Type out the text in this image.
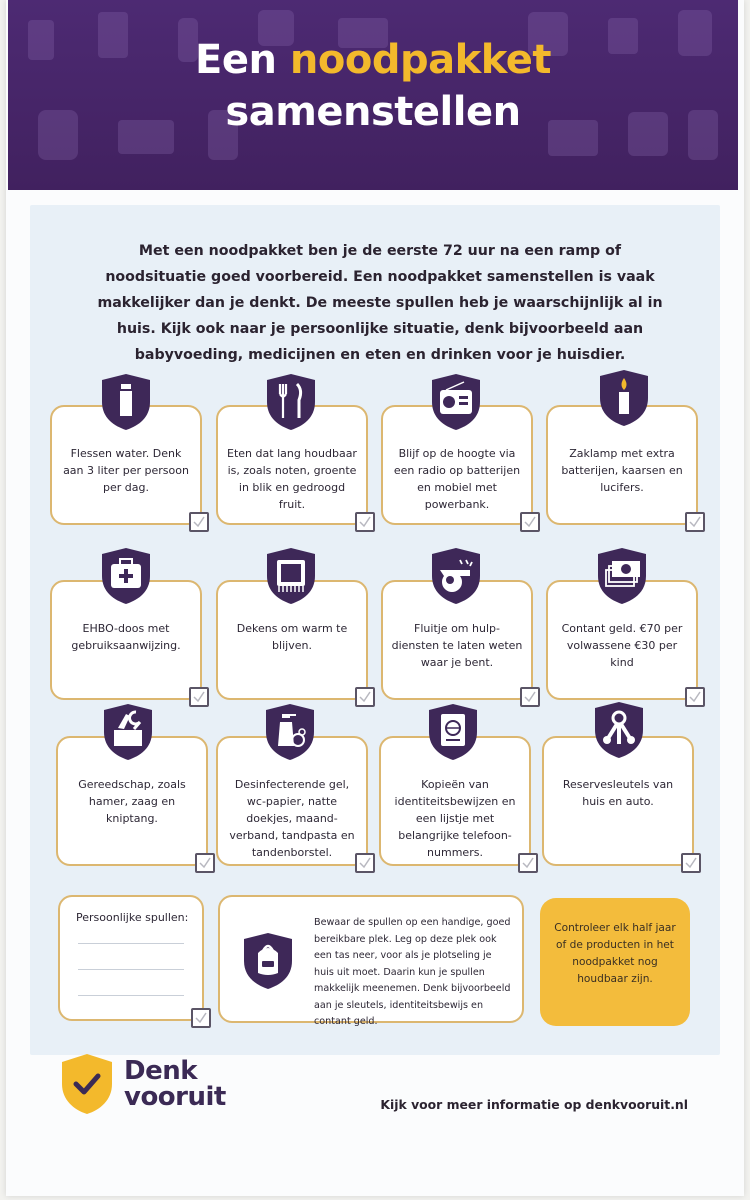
Een noodpakket
samenstellen

Met een noodpakket ben je de eerste 72 uur na een ramp of noodsituatie goed voorbereid. Een noodpakket samenstellen is vaak makkelijker dan je denkt. De meeste spullen heb je waarschijnlijk al in huis. Kijk ook naar je persoonlijke situatie, denk bijvoorbeeld aan babyvoeding, medicijnen en eten en drinken voor je huisdier.

Flessen water. Denk aan 3 liter per persoon per dag.
Eten dat lang houdbaar is, zoals noten, groente in blik en gedroogd fruit.
Blijf op de hoogte via een radio op batterijen en mobiel met powerbank.
Zaklamp met extra batterijen, kaarsen en lucifers.
EHBO-doos met gebruiksaanwijzing.
Dekens om warm te blijven.
Fluitje om hulp-diensten te laten weten waar je bent.
Contant geld. €70 per volwassene €30 per kind
Gereedschap, zoals hamer, zaag en kniptang.
Desinfecterende gel, wc-papier, natte doekjes, maand-verband, tandpasta en tandenborstel.
Kopieën van identiteitsbewijzen en een lijstje met belangrijke telefoon-nummers.
Reservesleutels van huis en auto.
Persoonlijke spullen:	Bewaar de spullen op een handige, goed bereikbare plek. Leg op deze plek ook een tas neer, voor als je plotseling je huis uit moet. Daarin kun je spullen makkelijk meenemen. Denk bijvoorbeeld aan je sleutels, identiteitsbewijs en contant geld.
Controleer elk half jaar of de producten in het noodpakket nog houdbaar zijn.
Denk
vooruit	Kijk voor meer informatie op denkvooruit.nl
